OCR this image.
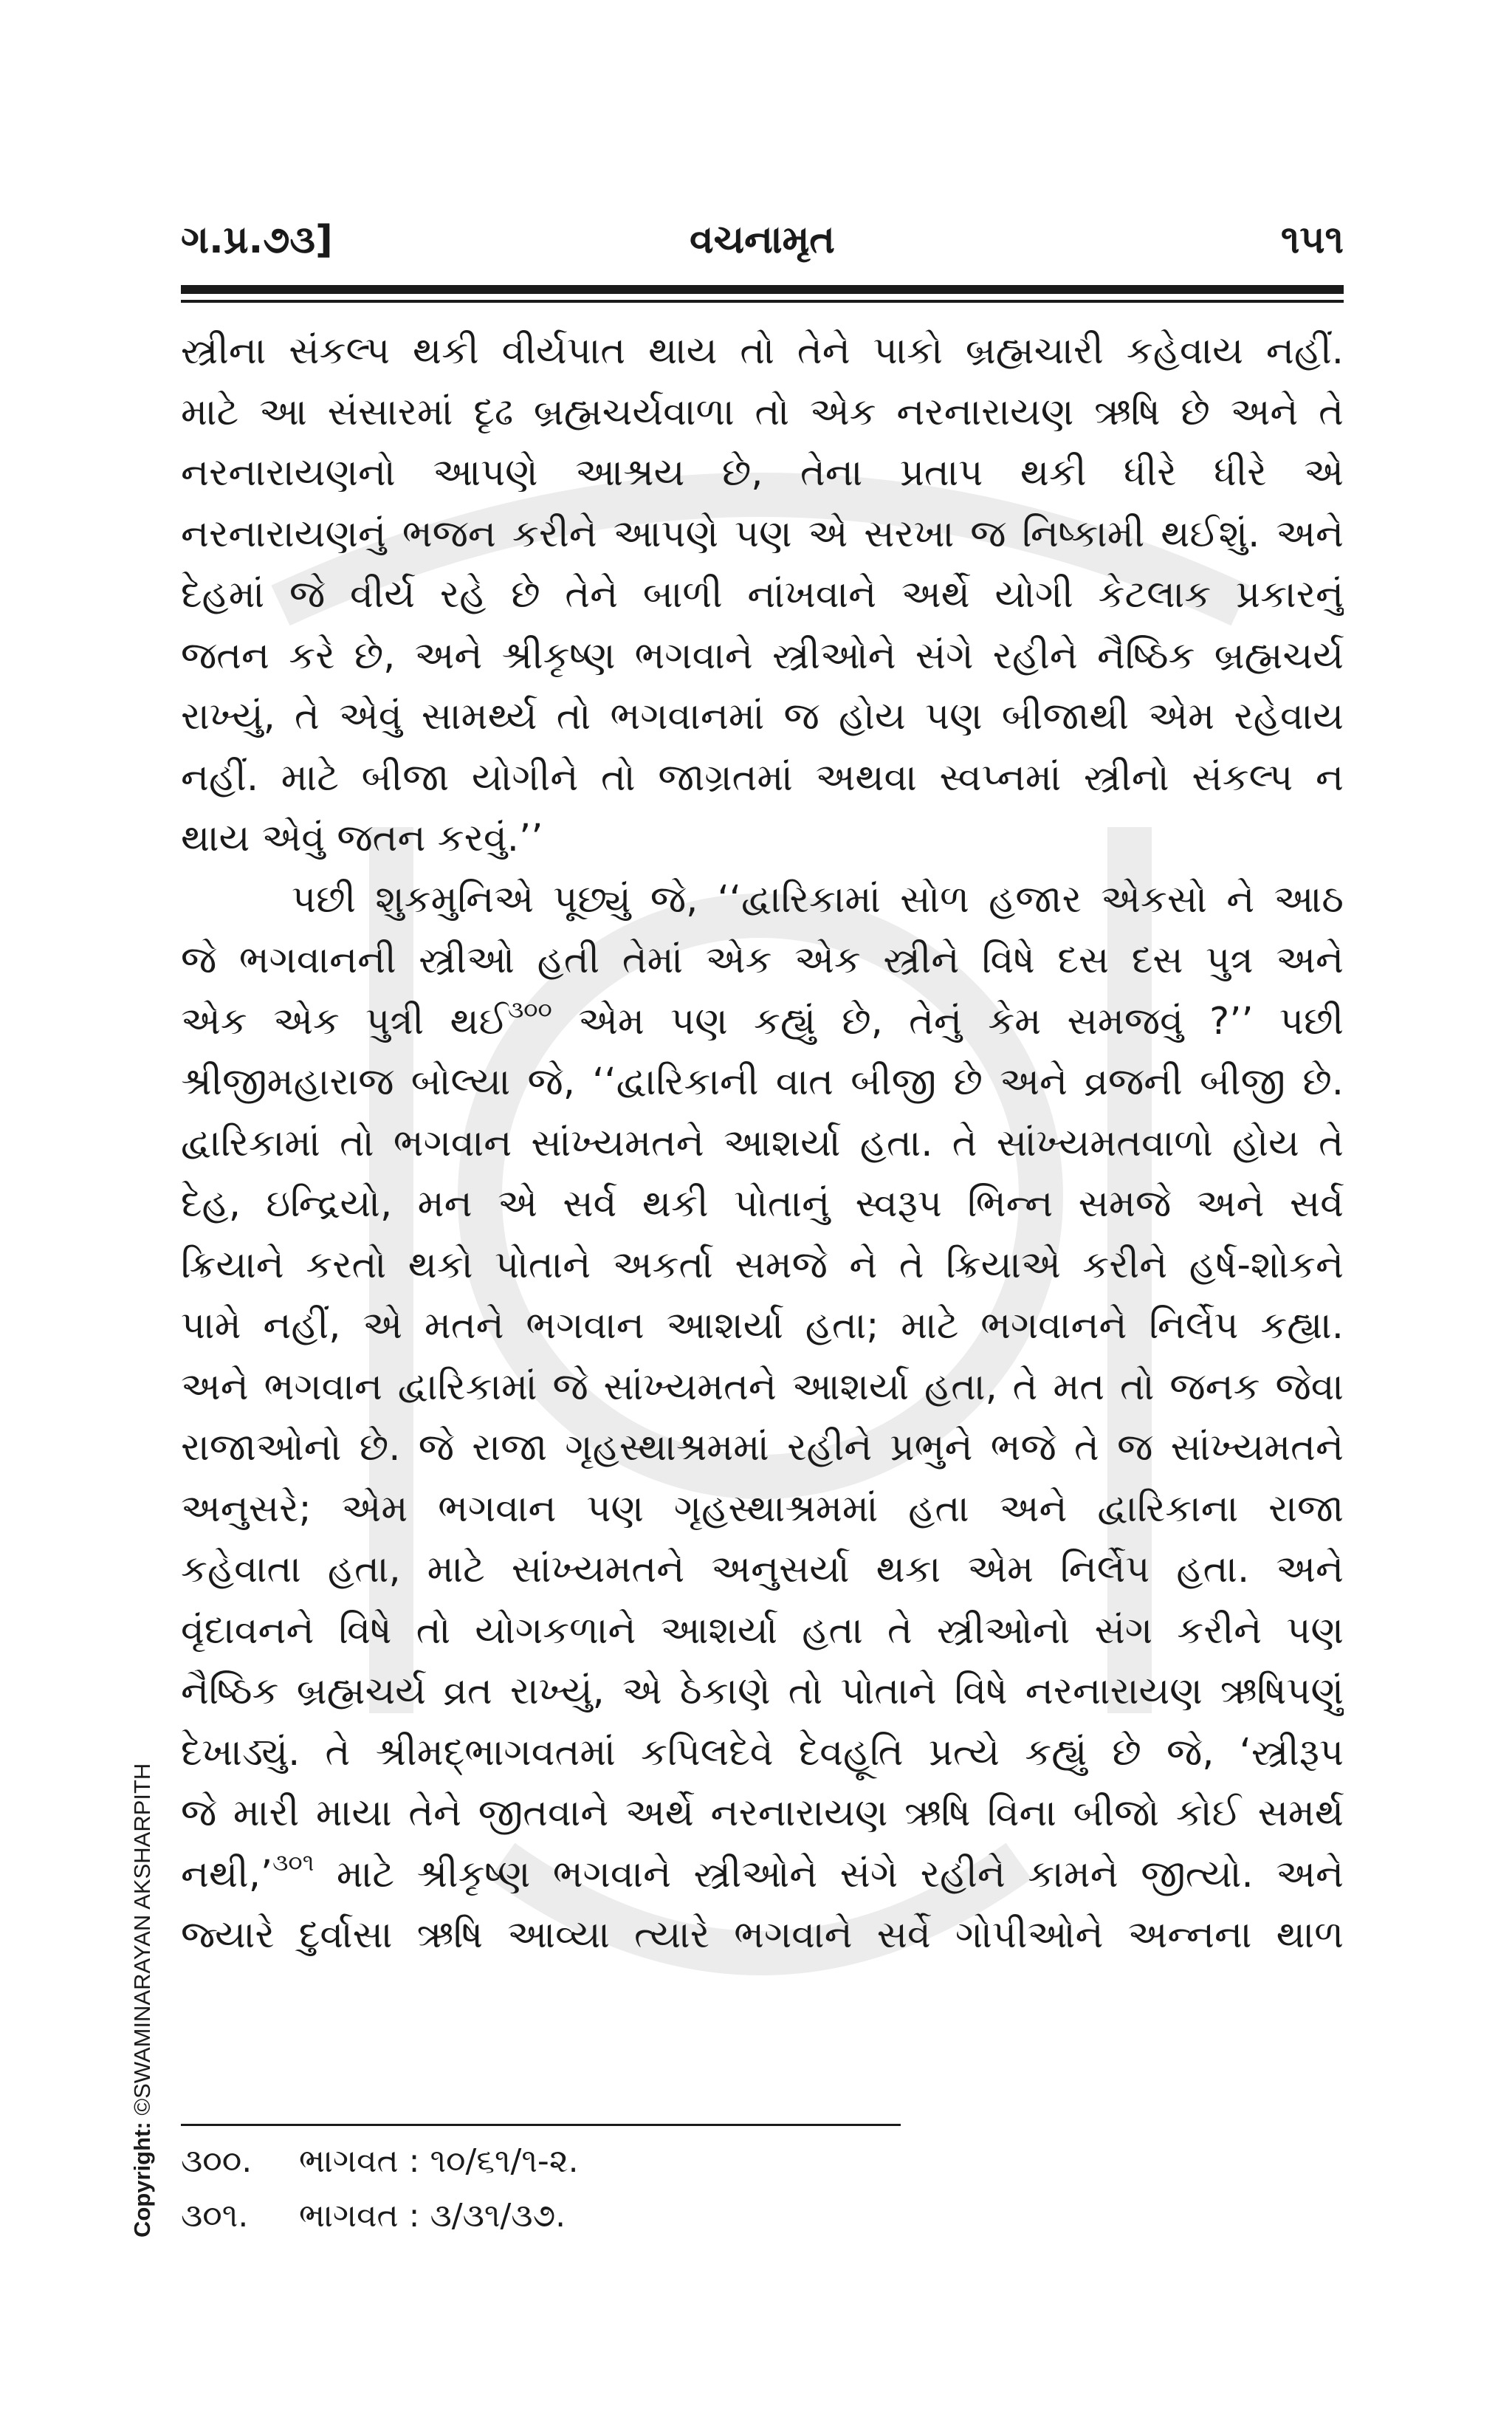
ગ.પ્ર.૭૩]	વચનામૃત	૧૫૧
સ્ત્રીના સંકલ્પ થકી વીર્યપાત થાય તો તેને પાકો બ્રહ્મચારી કહેવાય નહીં.
માટે આ સંસારમાં દૃઢ બ્રહ્મચર્યવાળા તો એક નરનારાયણ ઋષિ છે અને તે
નરનારાયણનો આપણે આશ્રય છે, તેના પ્રતાપ થકી ધીરે ધીરે એ
નરનારાયણનું ભજન કરીને આપણે પણ એ સરખા જ નિષ્કામી થઈશું. અને
દેહમાં જે વીર્ય રહે છે તેને બાળી નાંખવાને અર્થે યોગી કેટલાક પ્રકારનું
જતન કરે છે, અને શ્રીકૃષ્ણ ભગવાને સ્ત્રીઓને સંગે રહીને નૈષ્ઠિક બ્રહ્મચર્ય
રાખ્યું, તે એવું સામર્થ્ય તો ભગવાનમાં જ હોય પણ બીજાથી એમ રહેવાય
નહીં. માટે બીજા યોગીને તો જાગ્રતમાં અથવા સ્વપ્નમાં સ્ત્રીનો સંકલ્પ ન
થાય એવું જતન કરવું.’’
પછી શુકમુનિએ પૂછ્યું જે, ‘‘દ્વારિકામાં સોળ હજાર એકસો ને આઠ
જે ભગવાનની સ્ત્રીઓ હતી તેમાં એક એક સ્ત્રીને વિષે દસ દસ પુત્ર અને
એક એક પુત્રી થઈ$^{૩૦૦}$ એમ પણ કહ્યું છે, તેનું કેમ સમજવું ?’’ પછી
શ્રીજીમહારાજ બોલ્યા જે, ‘‘દ્વારિકાની વાત બીજી છે અને વ્રજની બીજી છે.
દ્વારિકામાં તો ભગવાન સાંખ્યમતને આશર્યા હતા. તે સાંખ્યમતવાળો હોય તે
દેહ, ઇન્દ્રિયો, મન એ સર્વ થકી પોતાનું સ્વરૂપ ભિન્ન સમજે અને સર્વ
ક્રિયાને કરતો થકો પોતાને અકર્તા સમજે ને તે ક્રિયાએ કરીને હર્ષ-શોકને
પામે નહીં, એ મતને ભગવાન આશર્યા હતા; માટે ભગવાનને નિર્લેપ કહ્યા.
અને ભગવાન દ્વારિકામાં જે સાંખ્યમતને આશર્યા હતા, તે મત તો જનક જેવા
રાજાઓનો છે. જે રાજા ગૃહસ્થાશ્રમમાં રહીને પ્રભુને ભજે તે જ સાંખ્યમતને
અનુસરે; એમ ભગવાન પણ ગૃહસ્થાશ્રમમાં હતા અને દ્વારિકાના રાજા
કહેવાતા હતા, માટે સાંખ્યમતને અનુસર્યા થકા એમ નિર્લેપ હતા. અને
વૃંદાવનને વિષે તો યોગકળાને આશર્યા હતા તે સ્ત્રીઓનો સંગ કરીને પણ
નૈષ્ઠિક બ્રહ્મચર્ય વ્રત રાખ્યું, એ ઠેકાણે તો પોતાને વિષે નરનારાયણ ઋષિપણું
દેખાડ્યું. તે શ્રીમદ્ભાગવતમાં કપિલદેવે દેવહૂતિ પ્રત્યે કહ્યું છે જે, ‘સ્ત્રીરૂપ
જે મારી માયા તેને જીતવાને અર્થે નરનારાયણ ઋષિ વિના બીજો કોઈ સમર્થ
નથી,’$^{૩૦૧}$ માટે શ્રીકૃષ્ણ ભગવાને સ્ત્રીઓને સંગે રહીને કામને જીત્યો. અને
જ્યારે દુર્વાસા ઋષિ આવ્યા ત્યારે ભગવાને સર્વે ગોપીઓને અન્નના થાળ
૩૦૦. ભાગવત : ૧૦/૬૧/૧-૨.
૩૦૧. ભાગવત : ૩/૩૧/૩૭.
Copyright: ©SWAMINARAYAN AKSHARPITH
